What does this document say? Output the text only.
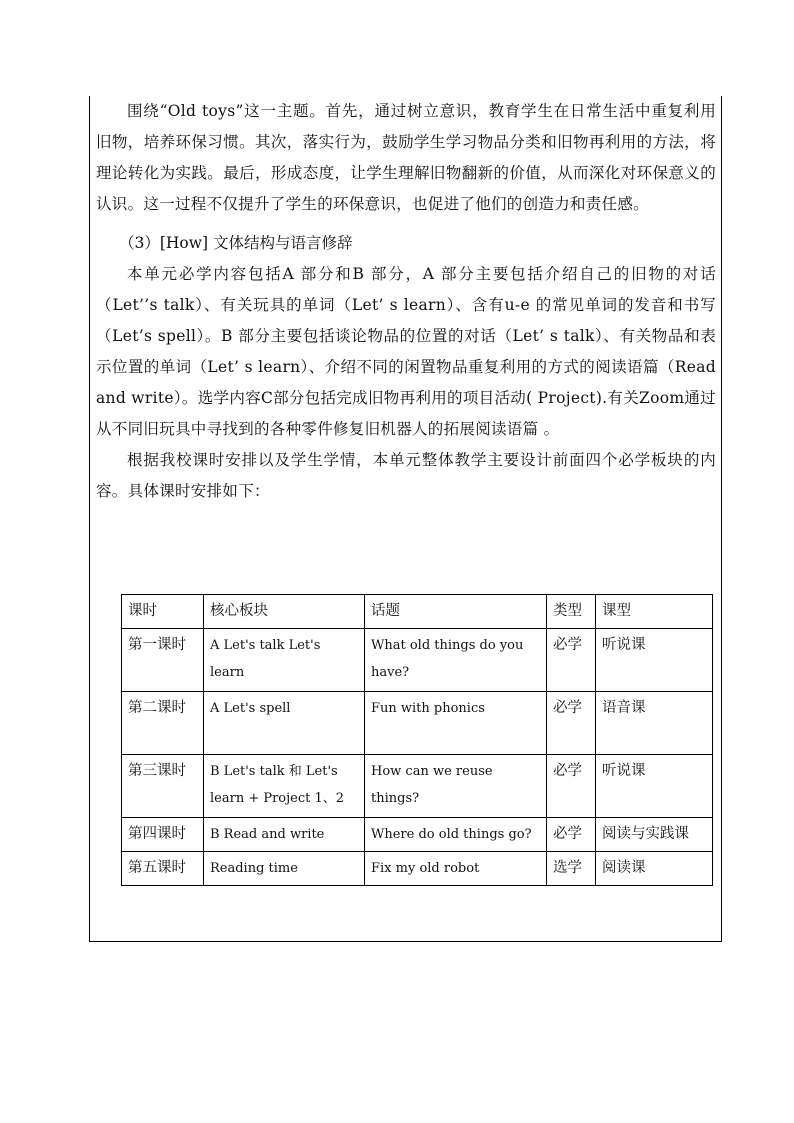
围绕“Old toys”这一主题。首先，通过树立意识，教育学生在日常生活中重复利用旧物，培养环保习惯。其次，落实行为，鼓励学生学习物品分类和旧物再利用的方法，将理论转化为实践。最后，形成态度，让学生理解旧物翻新的价值，从而深化对环保意义的认识。这一过程不仅提升了学生的环保意识，也促进了他们的创造力和责任感。

（3）[How] 文体结构与语言修辞

本单元必学内容包括A 部分和B 部分，A 部分主要包括介绍自己的旧物的对话（Let’’s talk）、有关玩具的单词（Let’ s learn）、含有u-e 的常见单词的发音和书写（Let’s spell）。B 部分主要包括谈论物品的位置的对话（Let’ s talk）、有关物品和表示位置的单词（Let’ s learn）、介绍不同的闲置物品重复利用的方式的阅读语篇（Read and write）。选学内容C部分包括完成旧物再利用的项目活动( Project).有关Zoom通过从不同旧玩具中寻找到的各种零件修复旧机器人的拓展阅读语篇 。

根据我校课时安排以及学生学情，本单元整体教学主要设计前面四个必学板块的内容。具体课时安排如下：

课时	核心板块	话题	类型	课型
第一课时	A Let's talk Let's learn	What old things do you have?	必学	听说课
第二课时	A Let's spell	Fun with phonics	必学	语音课
第三课时	B Let's talk 和 Let's learn + Project 1、2	How can we reuse things?	必学	听说课
第四课时	B Read and write	Where do old things go?	必学	阅读与实践课
第五课时	Reading time	Fix my old robot	选学	阅读课
